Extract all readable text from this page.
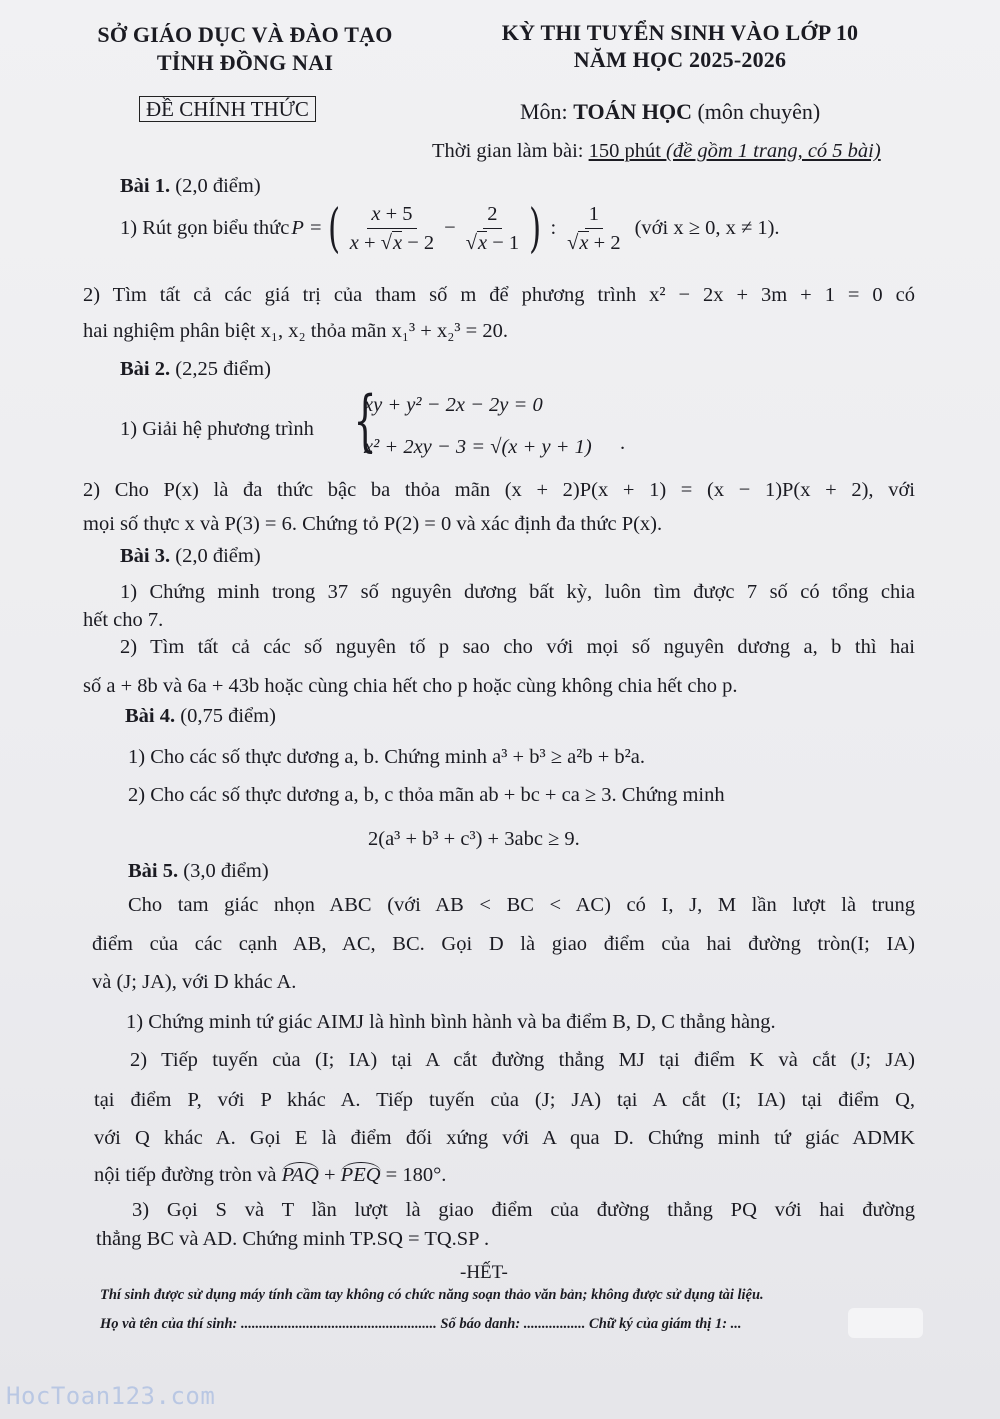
SỞ GIÁO DỤC VÀ ĐÀO TẠO
TỈNH ĐỒNG NAI
ĐỀ CHÍNH THỨC
KỲ THI TUYỂN SINH VÀO LỚP 10
NĂM HỌC 2025-2026
Môn: TOÁN HỌC (môn chuyên)
Thời gian làm bài: 150 phút (đề gồm 1 trang, có 5 bài)
Bài 1. (2,0 điểm)
1) Rút gọn biểu thức P = ( $\frac{x + 5}{x + √x - 2} - \frac{2}{√x - 1}$ ) : $\frac{1}{√x + 2}$ (với x ≥ 0, x ≠ 1).
2) Tìm tất cả các giá trị của tham số m để phương trình x² − 2x + 3m + 1 = 0 có
hai nghiệm phân biệt x₁, x₂ thỏa mãn x₁³ + x₂³ = 20.
Bài 2. (2,25 điểm)
1) Giải hệ phương trình {
xy + y² − 2x − 2y = 0
x² + 2xy − 3 = √(x + y + 1) .
2) Cho P(x) là đa thức bậc ba thỏa mãn (x + 2)P(x + 1) = (x − 1)P(x + 2), với
mọi số thực x và P(3) = 6. Chứng tỏ P(2) = 0 và xác định đa thức P(x).
Bài 3. (2,0 điểm)
1) Chứng minh trong 37 số nguyên dương bất kỳ, luôn tìm được 7 số có tổng chia
hết cho 7.
2) Tìm tất cả các số nguyên tố p sao cho với mọi số nguyên dương a, b thì hai
số a + 8b và 6a + 43b hoặc cùng chia hết cho p hoặc cùng không chia hết cho p.
Bài 4. (0,75 điểm)
1) Cho các số thực dương a, b. Chứng minh a³ + b³ ≥ a²b + b²a.
2) Cho các số thực dương a, b, c thỏa mãn ab + bc + ca ≥ 3. Chứng minh
2(a³ + b³ + c³) + 3abc ≥ 9.
Bài 5. (3,0 điểm)
Cho tam giác nhọn ABC (với AB < BC < AC) có I, J, M lần lượt là trung
điểm của các cạnh AB, AC, BC. Gọi D là giao điểm của hai đường tròn(I; IA)
và (J; JA), với D khác A.
1) Chứng minh tứ giác AIMJ là hình bình hành và ba điểm B, D, C thẳng hàng.
2) Tiếp tuyến của (I; IA) tại A cắt đường thẳng MJ tại điểm K và cắt (J; JA)
tại điểm P, với P khác A. Tiếp tuyến của (J; JA) tại A cắt (I; IA) tại điểm Q,
với Q khác A. Gọi E là điểm đối xứng với A qua D. Chứng minh tứ giác ADMK
nội tiếp đường tròn và PAQ + PEQ = 180°.
3) Gọi S và T lần lượt là giao điểm của đường thẳng PQ với hai đường
thẳng BC và AD. Chứng minh TP.SQ = TQ.SP .
-HẾT-
Thí sinh được sử dụng máy tính cầm tay không có chức năng soạn thảo văn bản; không được sử dụng tài liệu.
Họ và tên của thí sinh: ...................................................... Số báo danh: ................. Chữ ký của giám thị 1: ...
HocToan123.com
